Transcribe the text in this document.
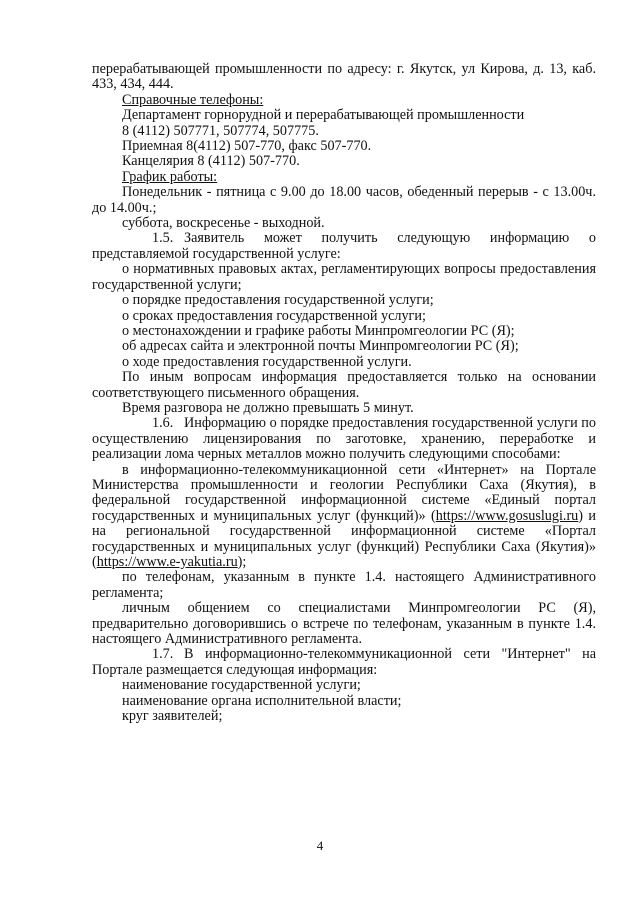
перерабатывающей промышленности по адресу: г. Якутск, ул Кирова, д. 13, каб. 433, 434, 444.

Справочные телефоны:

Департамент горнорудной и перерабатывающей промышленности

8 (4112) 507771, 507774, 507775.

Приемная 8(4112) 507-770, факс 507-770.

Канцелярия 8 (4112) 507-770.

График работы:

Понедельник - пятница с 9.00 до 18.00 часов, обеденный перерыв - с 13.00ч. до 14.00ч.;

суббота, воскресенье - выходной.

1.5. Заявитель может получить следующую информацию о представляемой государственной услуге:

о нормативных правовых актах, регламентирующих вопросы предоставления государственной услуги;

о порядке предоставления государственной услуги;

о сроках предоставления государственной услуги;

о местонахождении и графике работы Минпромгеологии РС (Я);

об адресах сайта и электронной почты Минпромгеологии РС (Я);

о ходе предоставления государственной услуги.

По иным вопросам информация предоставляется только на основании соответствующего письменного обращения.

Время разговора не должно превышать 5 минут.

1.6. Информацию о порядке предоставления государственной услуги по осуществлению лицензирования по заготовке, хранению, переработке и реализации лома черных металлов можно получить следующими способами:

в информационно-телекоммуникационной сети «Интернет» на Портале Министерства промышленности и геологии Республики Саха (Якутия), в федеральной государственной информационной системе «Единый портал государственных и муниципальных услуг (функций)» (https://www.gosuslugi.ru) и на региональной государственной информационной системе «Портал государственных и муниципальных услуг (функций) Республики Саха (Якутия)» (https://www.e-yakutia.ru);

по телефонам, указанным в пункте 1.4. настоящего Административного регламента;

личным общением со специалистами Минпромгеологии РС (Я), предварительно договорившись о встрече по телефонам, указанным в пункте 1.4. настоящего Административного регламента.

1.7. В информационно-телекоммуникационной сети "Интернет" на Портале размещается следующая информация:

наименование государственной услуги;

наименование органа исполнительной власти;

круг заявителей;

4
